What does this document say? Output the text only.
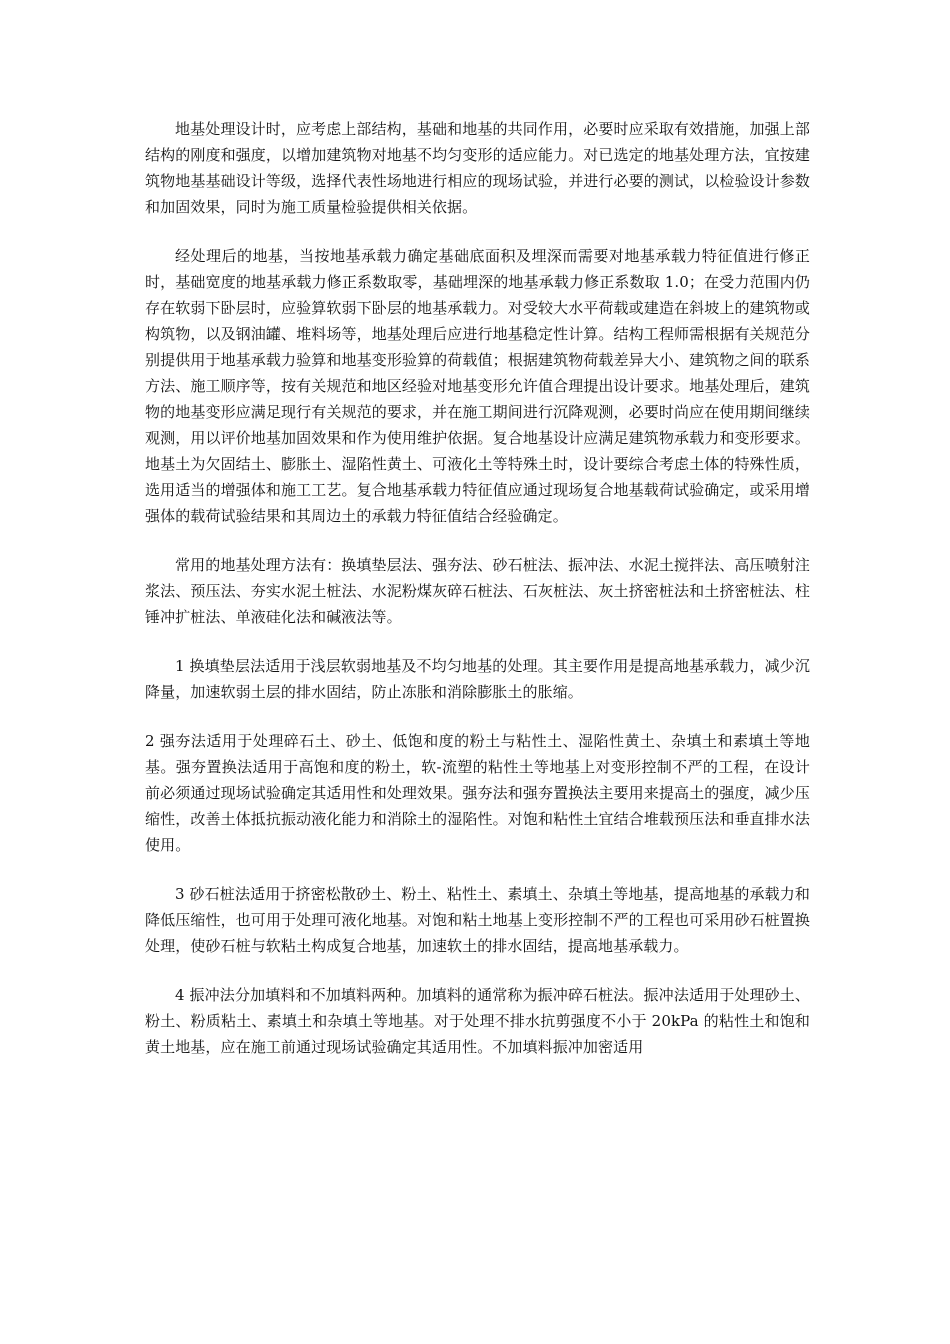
地基处理设计时，应考虑上部结构，基础和地基的共同作用，必要时应采取有效措施，加强上部结构的刚度和强度，以增加建筑物对地基不均匀变形的适应能力。对已选定的地基处理方法，宜按建筑物地基基础设计等级，选择代表性场地进行相应的现场试验，并进行必要的测试，以检验设计参数和加固效果，同时为施工质量检验提供相关依据。

经处理后的地基，当按地基承载力确定基础底面积及埋深而需要对地基承载力特征值进行修正时，基础宽度的地基承载力修正系数取零，基础埋深的地基承载力修正系数取 1.0；在受力范围内仍存在软弱下卧层时，应验算软弱下卧层的地基承载力。对受较大水平荷载或建造在斜坡上的建筑物或构筑物，以及钢油罐、堆料场等，地基处理后应进行地基稳定性计算。结构工程师需根据有关规范分别提供用于地基承载力验算和地基变形验算的荷载值；根据建筑物荷载差异大小、建筑物之间的联系方法、施工顺序等，按有关规范和地区经验对地基变形允许值合理提出设计要求。地基处理后，建筑物的地基变形应满足现行有关规范的要求，并在施工期间进行沉降观测，必要时尚应在使用期间继续观测，用以评价地基加固效果和作为使用维护依据。复合地基设计应满足建筑物承载力和变形要求。地基土为欠固结土、膨胀土、湿陷性黄土、可液化土等特殊土时，设计要综合考虑土体的特殊性质，选用适当的增强体和施工工艺。复合地基承载力特征值应通过现场复合地基载荷试验确定，或采用增强体的载荷试验结果和其周边土的承载力特征值结合经验确定。

常用的地基处理方法有：换填垫层法、强夯法、砂石桩法、振冲法、水泥土搅拌法、高压喷射注浆法、预压法、夯实水泥土桩法、水泥粉煤灰碎石桩法、石灰桩法、灰土挤密桩法和土挤密桩法、柱锤冲扩桩法、单液硅化法和碱液法等。

1 换填垫层法适用于浅层软弱地基及不均匀地基的处理。其主要作用是提高地基承载力，减少沉降量，加速软弱土层的排水固结，防止冻胀和消除膨胀土的胀缩。

2 强夯法适用于处理碎石土、砂土、低饱和度的粉土与粘性土、湿陷性黄土、杂填土和素填土等地基。强夯置换法适用于高饱和度的粉土，软-流塑的粘性土等地基上对变形控制不严的工程，在设计前必须通过现场试验确定其适用性和处理效果。强夯法和强夯置换法主要用来提高土的强度，减少压缩性，改善土体抵抗振动液化能力和消除土的湿陷性。对饱和粘性土宜结合堆载预压法和垂直排水法使用。

3 砂石桩法适用于挤密松散砂土、粉土、粘性土、素填土、杂填土等地基，提高地基的承载力和降低压缩性，也可用于处理可液化地基。对饱和粘土地基上变形控制不严的工程也可采用砂石桩置换处理，使砂石桩与软粘土构成复合地基，加速软土的排水固结，提高地基承载力。

4 振冲法分加填料和不加填料两种。加填料的通常称为振冲碎石桩法。振冲法适用于处理砂土、粉土、粉质粘土、素填土和杂填土等地基。对于处理不排水抗剪强度不小于 20kPa 的粘性土和饱和黄土地基，应在施工前通过现场试验确定其适用性。不加填料振冲加密适用
